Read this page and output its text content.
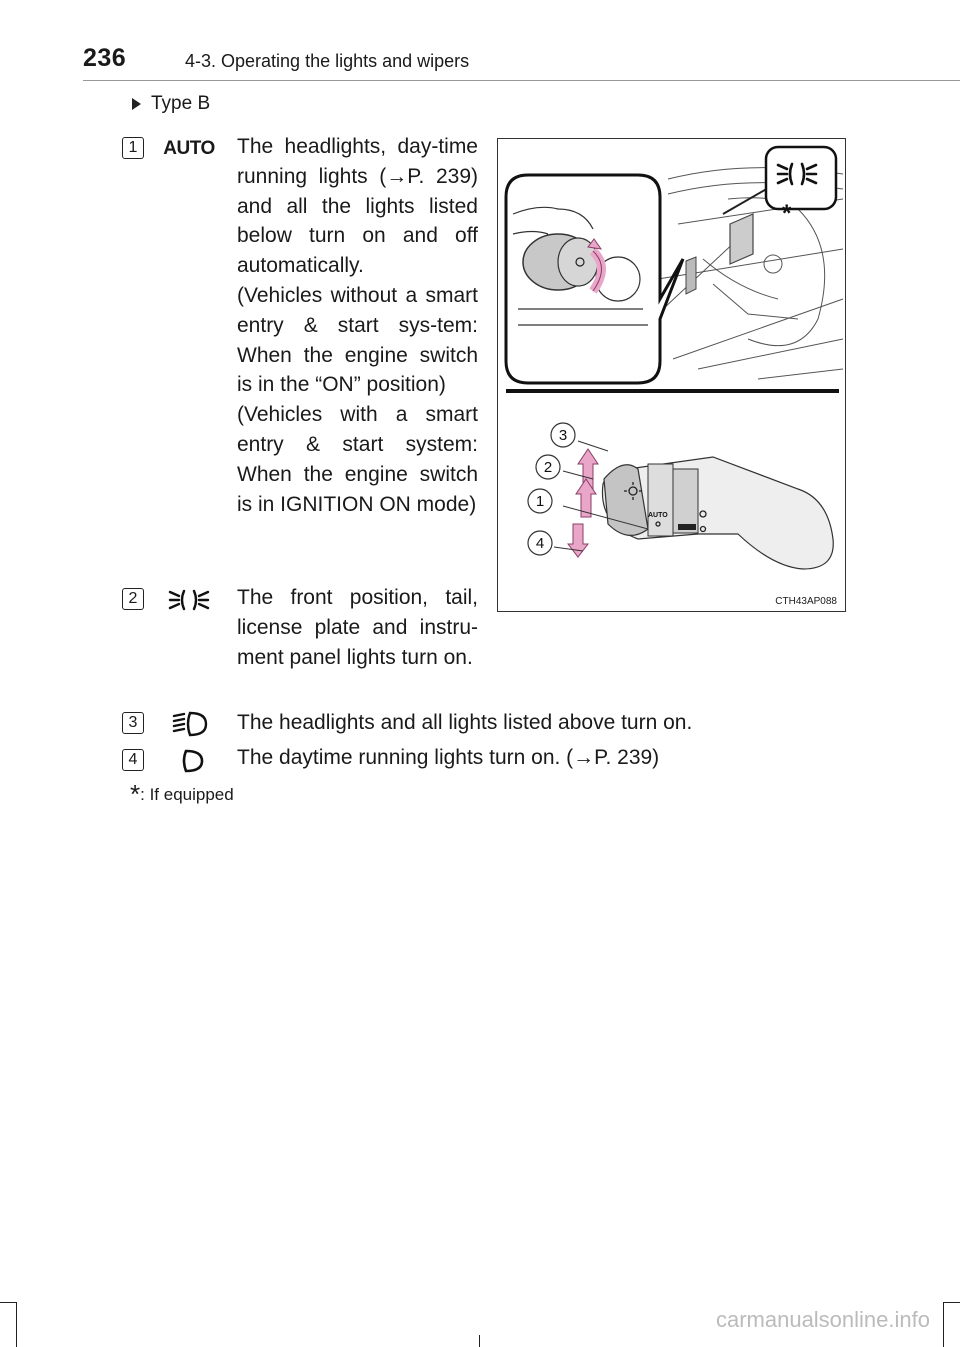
236	4-3. Operating the lights and wipers
Type B
1	AUTO The headlights, day-time running lights (→P. 239) and all the lights listed below turn on and off automatically.

(Vehicles without a smart entry & start sys-tem: When the engine switch is in the “ON” position)

(Vehicles with a smart entry & start system: When the engine switch is in IGNITION ON mode)

2	The front position, tail, license plate and instru-ment panel lights turn on.

3	The headlights and all lights listed above turn on.
4	The daytime running lights turn on. (→P. 239)
*
AUTO
3
2
1
4
CTH43AP088
* : If equipped
carmanualsonline.info
